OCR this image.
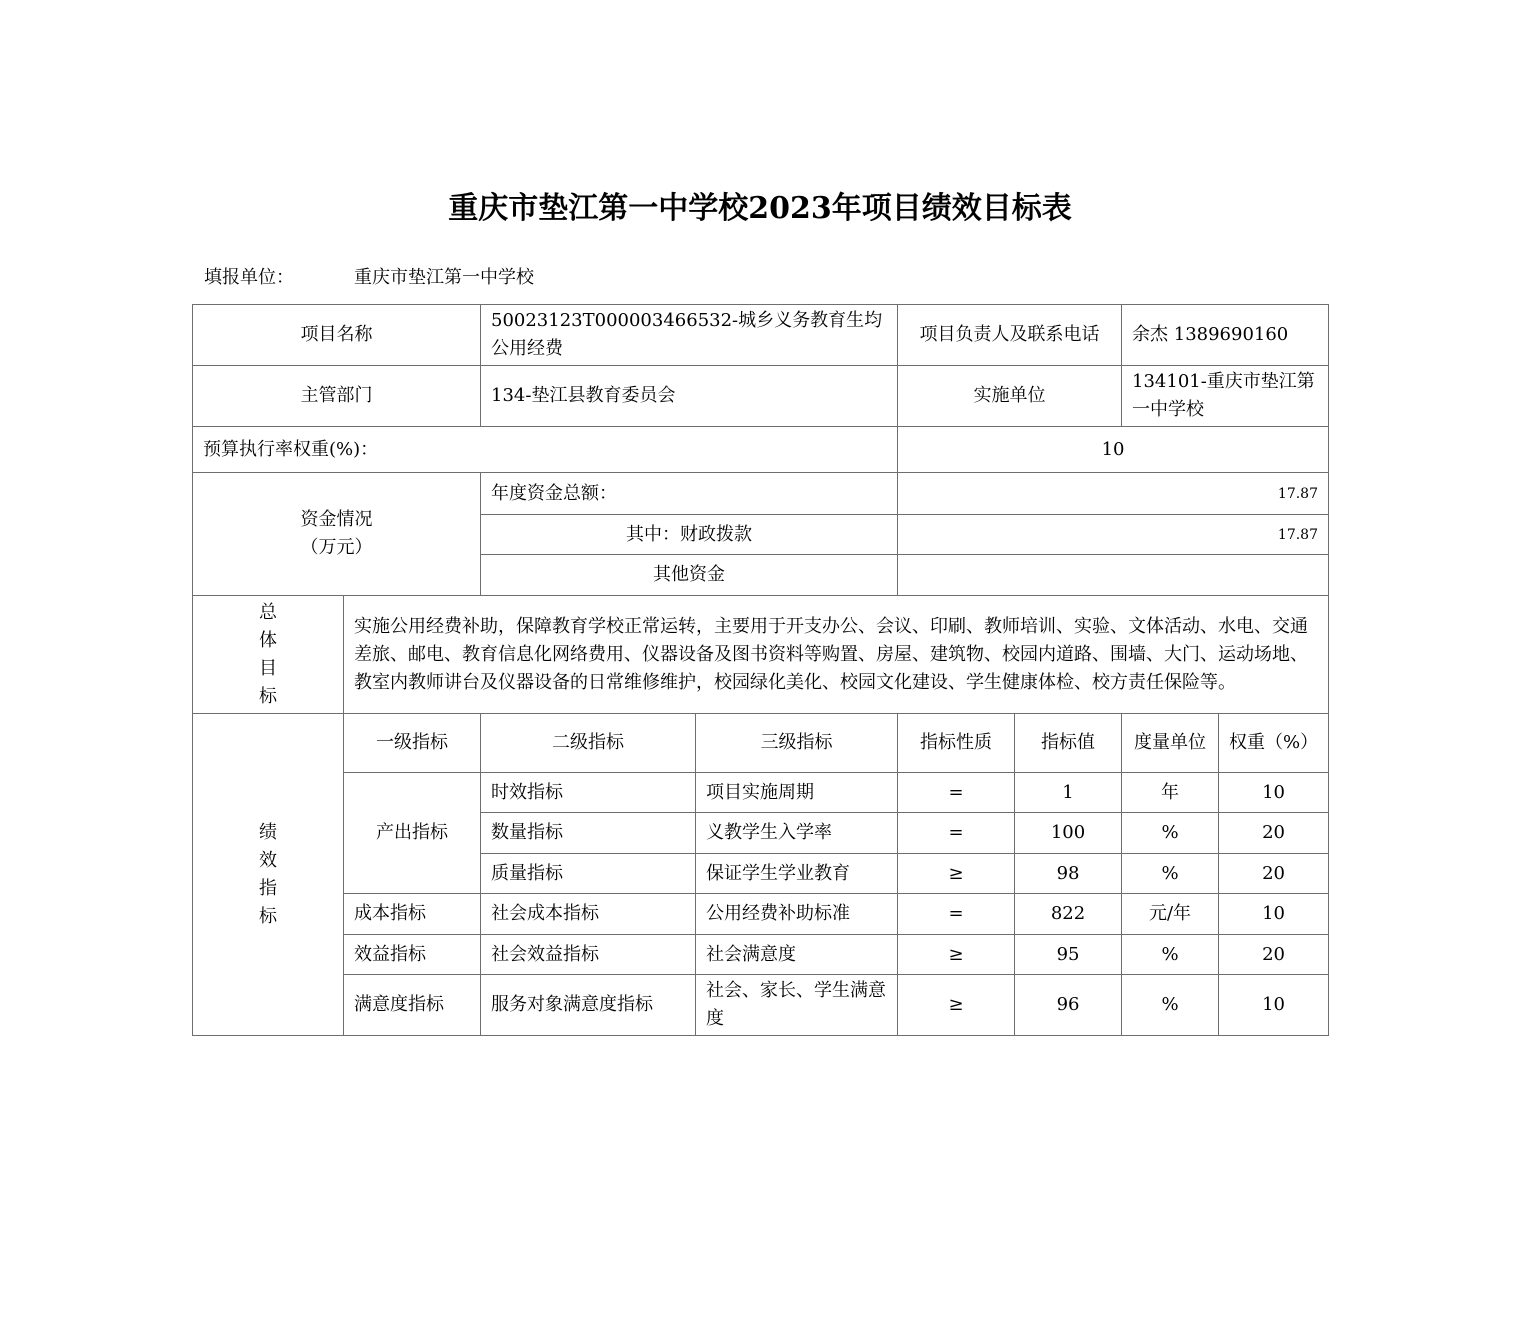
重庆市垫江第一中学校2023年项目绩效目标表
填报单位：	重庆市垫江第一中学校
项目名称		50023123T000003466532-城乡义务教育生均公用经费		项目负责人及联系电话		余杰 1389690160	
主管部门		134-垫江县教育委员会		实施单位		134101-重庆市垫江第一中学校	
预算执行率权重(%)：				10			

资金情况
（万元）		年度资金总额：		17.87			
		其中：财政拨款		17.87			
		其他资金					

总
体
目
标	实施公用经费补助，保障教育学校正常运转，主要用于开支办公、会议、印刷、教师培训、实验、文体活动、水电、交通差旅、邮电、教育信息化网络费用、仪器设备及图书资料等购置、房屋、建筑物、校园内道路、围墙、大门、运动场地、教室内教师讲台及仪器设备的日常维修维护，校园绿化美化、校园文化建设、学生健康体检、校方责任保险等。						

绩
效
指
标	一级指标	二级指标	三级指标	指标性质	指标值	度量单位	权重（%）
	产出指标	时效指标	项目实施周期	=	1	年	10
		数量指标	义教学生入学率	=	100	%	20
		质量指标	保证学生学业教育	≥	98	%	20
	成本指标	社会成本指标	公用经费补助标准	=	822	元/年	10
	效益指标	社会效益指标	社会满意度	≥	95	%	20
	满意度指标	服务对象满意度指标	社会、家长、学生满意度	≥	96	%	10
